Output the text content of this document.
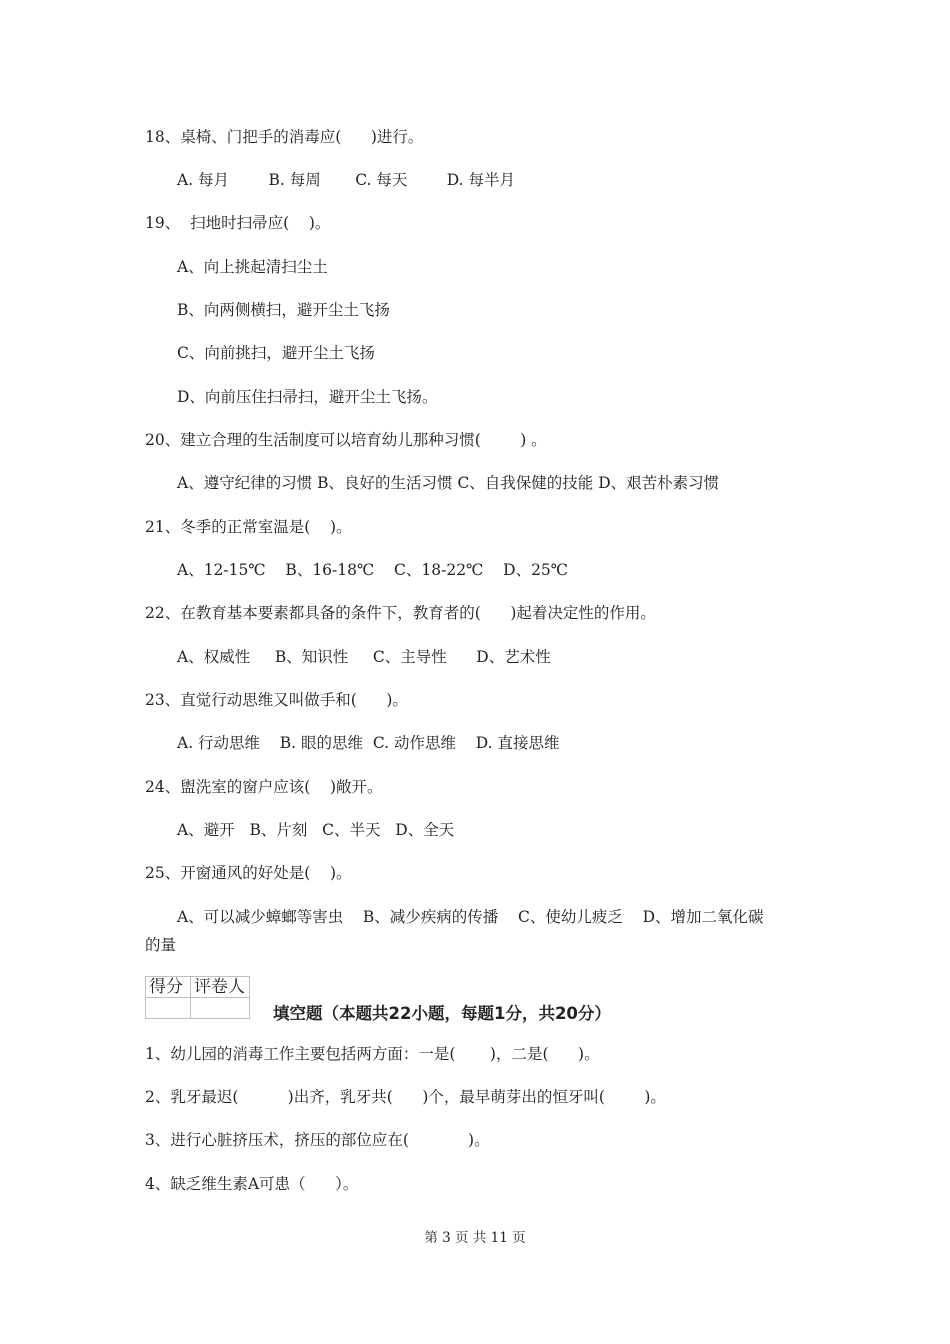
18、桌椅、门把手的消毒应(      )进行。
A. 每月        B. 每周       C. 每天        D. 每半月
19、  扫地时扫帚应(    )。
A、向上挑起清扫尘土
B、向两侧横扫，避开尘土飞扬
C、向前挑扫，避开尘土飞扬
D、向前压住扫帚扫，避开尘土飞扬。
20、建立合理的生活制度可以培育幼儿那种习惯(        ) 。
A、遵守纪律的习惯 B、良好的生活习惯 C、自我保健的技能 D、艰苦朴素习惯
21、冬季的正常室温是(    )。
A、12-15℃    B、16-18℃    C、18-22℃    D、25℃
22、在教育基本要素都具备的条件下，教育者的(      )起着决定性的作用。
A、权威性     B、知识性     C、主导性      D、艺术性
23、直觉行动思维又叫做手和(      )。
A. 行动思维    B. 眼的思维  C. 动作思维    D. 直接思维
24、盥洗室的窗户应该(    )敞开。
A、避开   B、片刻   C、半天   D、全天
25、开窗通风的好处是(    )。
A、可以减少蟑螂等害虫    B、减少疾病的传播    C、使幼儿疲乏    D、增加二氧化碳
的量
得分	评卷人

填空题（本题共22小题，每题1分，共20分）
1、幼儿园的消毒工作主要包括两方面：一是(       )，二是(      )。
2、乳牙最迟(          )出齐，乳牙共(      )个，最早萌芽出的恒牙叫(        )。
3、进行心脏挤压术，挤压的部位应在(            )。
4、缺乏维生素A可患（      ）。
第 3 页 共 11 页
